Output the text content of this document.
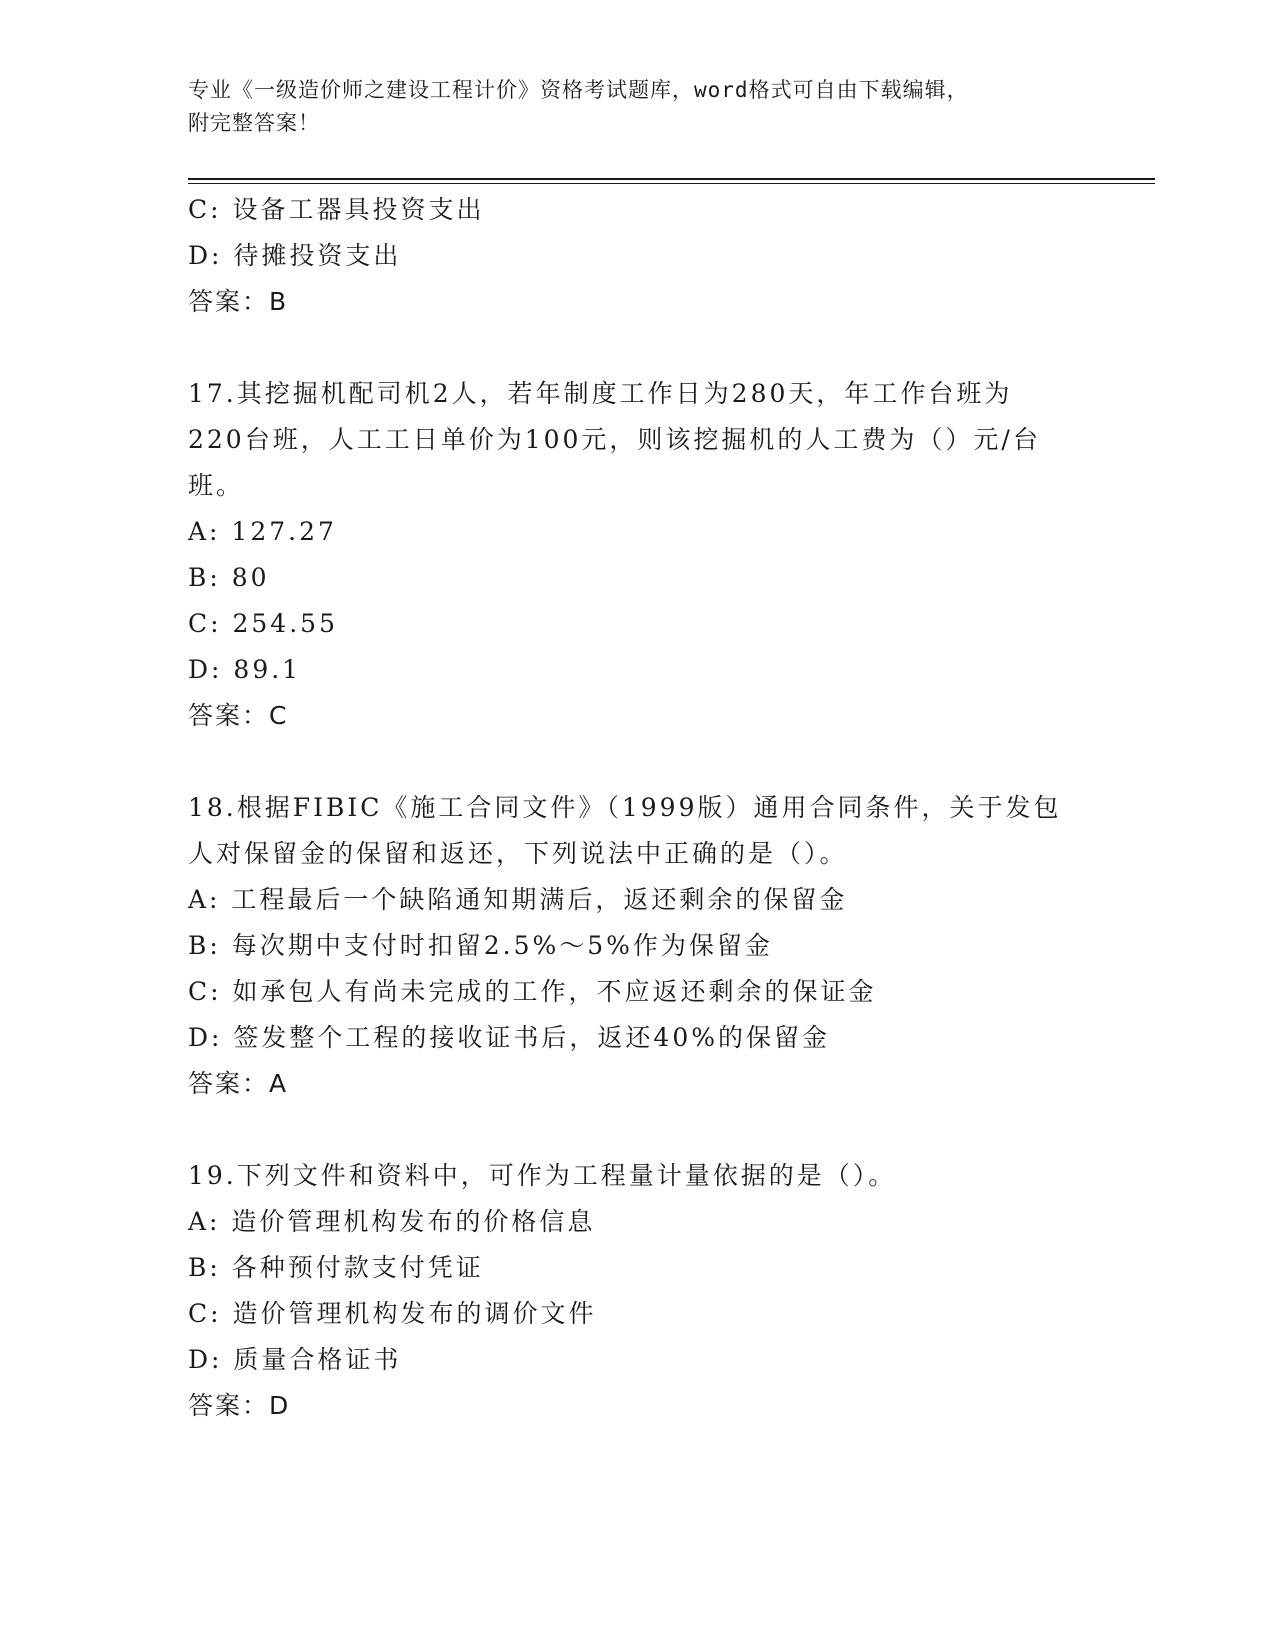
专业《一级造价师之建设工程计价》资格考试题库，word格式可自由下载编辑，
附完整答案！
C: 设备工器具投资支出
D: 待摊投资支出
答案：B
17.其挖掘机配司机2人，若年制度工作日为280天，年工作台班为
220台班，人工工日单价为100元，则该挖掘机的人工费为（）元/台
班。
A: 127.27
B: 80
C: 254.55
D: 89.1
答案：C
18.根据FIBIC《施工合同文件》（1999版）通用合同条件，关于发包
人对保留金的保留和返还，下列说法中正确的是（）。
A: 工程最后一个缺陷通知期满后，返还剩余的保留金
B: 每次期中支付时扣留2.5%～5%作为保留金
C: 如承包人有尚未完成的工作，不应返还剩余的保证金
D: 签发整个工程的接收证书后，返还40%的保留金
答案：A
19.下列文件和资料中，可作为工程量计量依据的是（）。
A: 造价管理机构发布的价格信息
B: 各种预付款支付凭证
C: 造价管理机构发布的调价文件
D: 质量合格证书
答案：D
